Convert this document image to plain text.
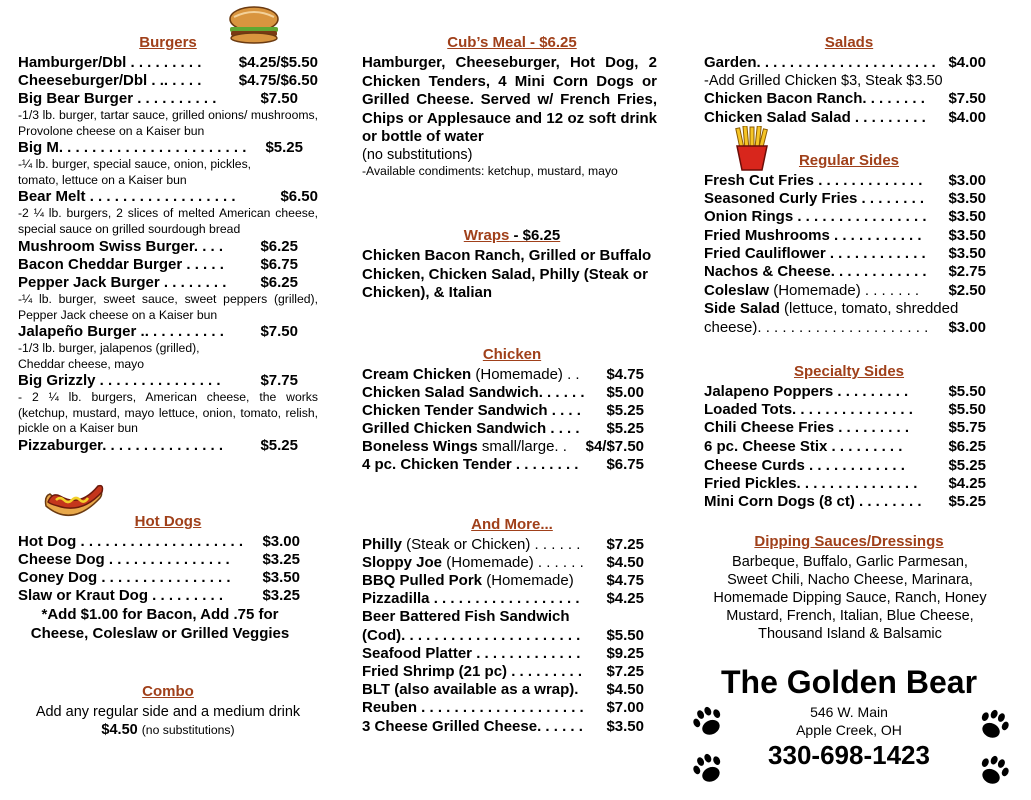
Burgers
Hamburger/Dbl . . . . . . . . . $4.25/$5.50
Cheeseburger/Dbl . .. . . . . $4.75/$6.50
Big Bear Burger . . . . . . . . . .	$7.50
-1/3 lb. burger, tartar sauce, grilled onions/ mushrooms, Provolone cheese on a Kaiser bun
Big M. . . . . . . . . . . . . . . . . . . . . . . $5.25
-¼ lb. burger, special sauce, onion, pickles, tomato, lettuce on a Kaiser bun
Bear Melt . . . . . . . . . . . . . . . . . .	$6.50
-2 ¼ lb. burgers, 2 slices of melted American cheese, special sauce on grilled sourdough bread
Mushroom Swiss Burger. . . . $6.25
Bacon Cheddar Burger . . . . . $6.75
Pepper Jack Burger . . . . . . . . $6.25
-¼ lb. burger, sweet sauce, sweet peppers (grilled), Pepper Jack cheese on a Kaiser bun
Jalapeño Burger .. . . . . . . . . . $7.50
-1/3 lb. burger, jalapenos (grilled), Cheddar cheese, mayo
Big Grizzly . . . . . . . . . . . . . . .	$7.75
- 2 ¼ lb. burgers, American cheese, the works (ketchup, mustard, mayo lettuce, onion, tomato, relish, pickle on a Kaiser bun
Pizzaburger. . . . . . . . . . . . . . . $5.25
Hot Dogs
Hot Dog . . . . . . . . . . . . . . . . . . . . $3.00
Cheese Dog . . . . . . . . . . . . . . . $3.25
Coney Dog . . . . . . . . . . . . . . . . $3.50
Slaw or Kraut Dog . . . . . . . . .	$3.25
*Add $1.00 for Bacon, Add .75 for Cheese, Coleslaw or Grilled Veggies
Combo
Add any regular side and a medium drink
$4.50 (no substitutions)
Cub’s Meal - $6.25
Hamburger, Cheeseburger, Hot Dog, 2 Chicken Tenders, 4 Mini Corn Dogs or Grilled Cheese. Served w/ French Fries, Chips or Applesauce and 12 oz soft drink or bottle of water
(no substitutions)
-Available condiments: ketchup, mustard, mayo
Wraps - $6.25
Chicken Bacon Ranch, Grilled or Buffalo Chicken, Chicken Salad, Philly (Steak or Chicken), & Italian
Chicken
Cream Chicken (Homemade) . . $4.75
Chicken Salad Sandwich. . . . . . $5.00
Chicken Tender Sandwich . . . . $5.25
Grilled Chicken Sandwich . . . . $5.25
Boneless Wings small/large. . $4/$7.50
4 pc. Chicken Tender . . . . . . . . $6.75
And More...
Philly (Steak or Chicken) . . . . . . $7.25
Sloppy Joe (Homemade) . . . . . . $4.50
BBQ Pulled Pork (Homemade) $4.75
Pizzadilla . . . . . . . . . . . . . . . . . . $4.25
Beer Battered Fish Sandwich
(Cod). . . . . . . . . . . . . . . . . . . . . . $5.50
Seafood Platter . . . . . . . . . . . . . $9.25
Fried Shrimp (21 pc) . . . . . . . . . $7.25
BLT (also available as a wrap). $4.50
Reuben . . . . . . . . . . . . . . . . . . . . $7.00
3 Cheese Grilled Cheese. . . . . . $3.50
Salads
Garden. . . . . . . . . . . . . . . . . . . . . . $4.00
-Add Grilled Chicken $3, Steak $3.50
Chicken Bacon Ranch. . . . . . . . $7.50
Chicken Salad Salad . . . . . . . . . $4.00
Regular Sides
Fresh Cut Fries . . . . . . . . . . . . . $3.00
Seasoned Curly Fries . . . . . . . . $3.50
Onion Rings . . . . . . . . . . . . . . . . $3.50
Fried Mushrooms . . . . . . . . . . . $3.50
Fried Cauliflower . . . . . . . . . . . . $3.50
Nachos & Cheese. . . . . . . . . . . . $2.75
Coleslaw (Homemade) . . . . . . . $2.50
Side Salad (lettuce, tomato, shredded
cheese). . . . . . . . . . . . . . . . . . . . . $3.00
Specialty Sides
Jalapeno Poppers . . . . . . . . .	$5.50
Loaded Tots. . . . . . . . . . . . . . . $5.50
Chili Cheese Fries . . . . . . . . .	$5.75
6 pc. Cheese Stix . . . . . . . . .	$6.25
Cheese Curds . . . . . . . . . . . .	$5.25
Fried Pickles. . . . . . . . . . . . . . . $4.25
Mini Corn Dogs (8 ct) . . . . . . . . $5.25
Dipping Sauces/Dressings
Barbeque, Buffalo, Garlic Parmesan, Sweet Chili, Nacho Cheese, Marinara, Homemade Dipping Sauce, Ranch, Honey Mustard, French, Italian, Blue Cheese, Thousand Island & Balsamic
The Golden Bear
546 W. Main
Apple Creek, OH
330-698-1423
